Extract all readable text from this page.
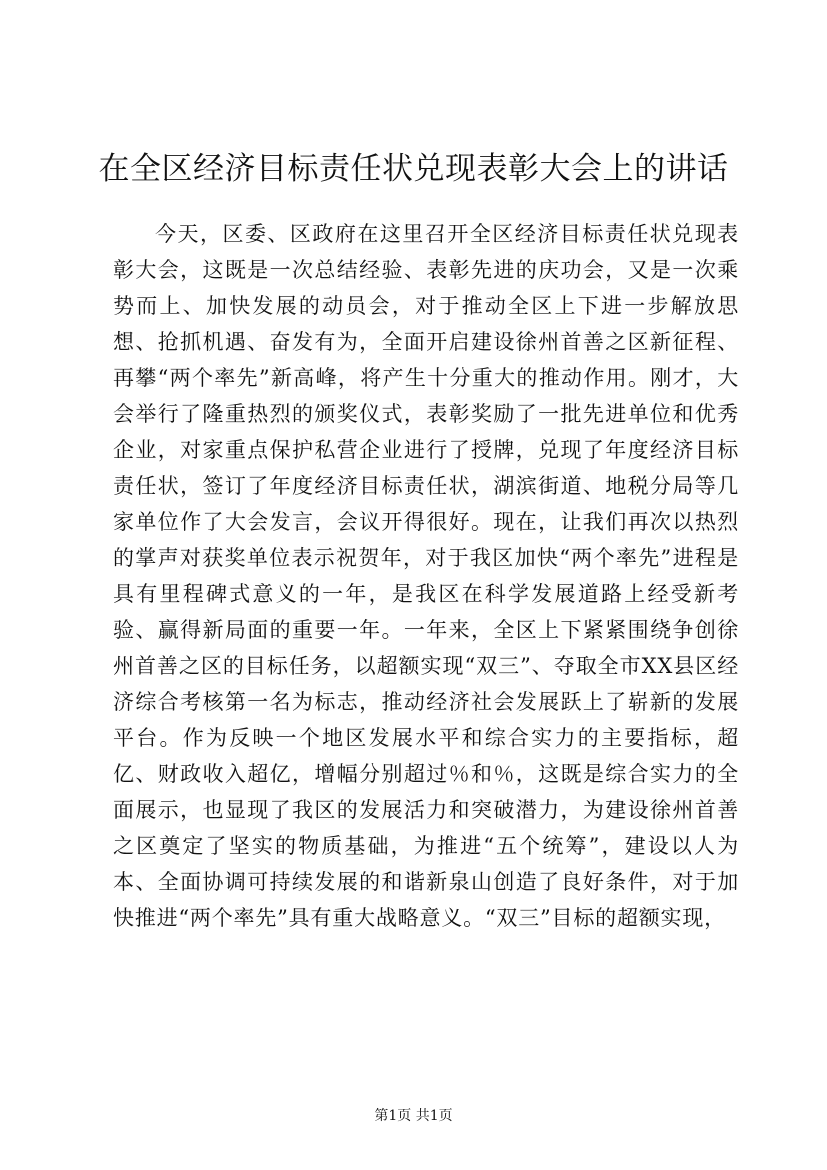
在全区经济目标责任状兑现表彰大会上的讲话

今天，区委、区政府在这里召开全区经济目标责任状兑现表彰大会，这既是一次总结经验、表彰先进的庆功会，又是一次乘势而上、加快发展的动员会，对于推动全区上下进一步解放思想、抢抓机遇、奋发有为，全面开启建设徐州首善之区新征程、再攀“两个率先”新高峰，将产生十分重大的推动作用。刚才，大会举行了隆重热烈的颁奖仪式，表彰奖励了一批先进单位和优秀企业，对家重点保护私营企业进行了授牌，兑现了年度经济目标责任状，签订了年度经济目标责任状，湖滨街道、地税分局等几家单位作了大会发言，会议开得很好。现在，让我们再次以热烈的掌声对获奖单位表示祝贺年，对于我区加快“两个率先”进程是具有里程碑式意义的一年，是我区在科学发展道路上经受新考验、赢得新局面的重要一年。一年来，全区上下紧紧围绕争创徐州首善之区的目标任务，以超额实现“双三”、夺取全市XX县区经济综合考核第一名为标志，推动经济社会发展跃上了崭新的发展平台。作为反映一个地区发展水平和综合实力的主要指标，超亿、财政收入超亿，增幅分别超过％和％，这既是综合实力的全面展示，也显现了我区的发展活力和突破潜力，为建设徐州首善之区奠定了坚实的物质基础，为推进“五个统筹”，建设以人为本、全面协调可持续发展的和谐新泉山创造了良好条件，对于加快推进“两个率先”具有重大战略意义。“双三”目标的超额实现，

第1页 共1页
